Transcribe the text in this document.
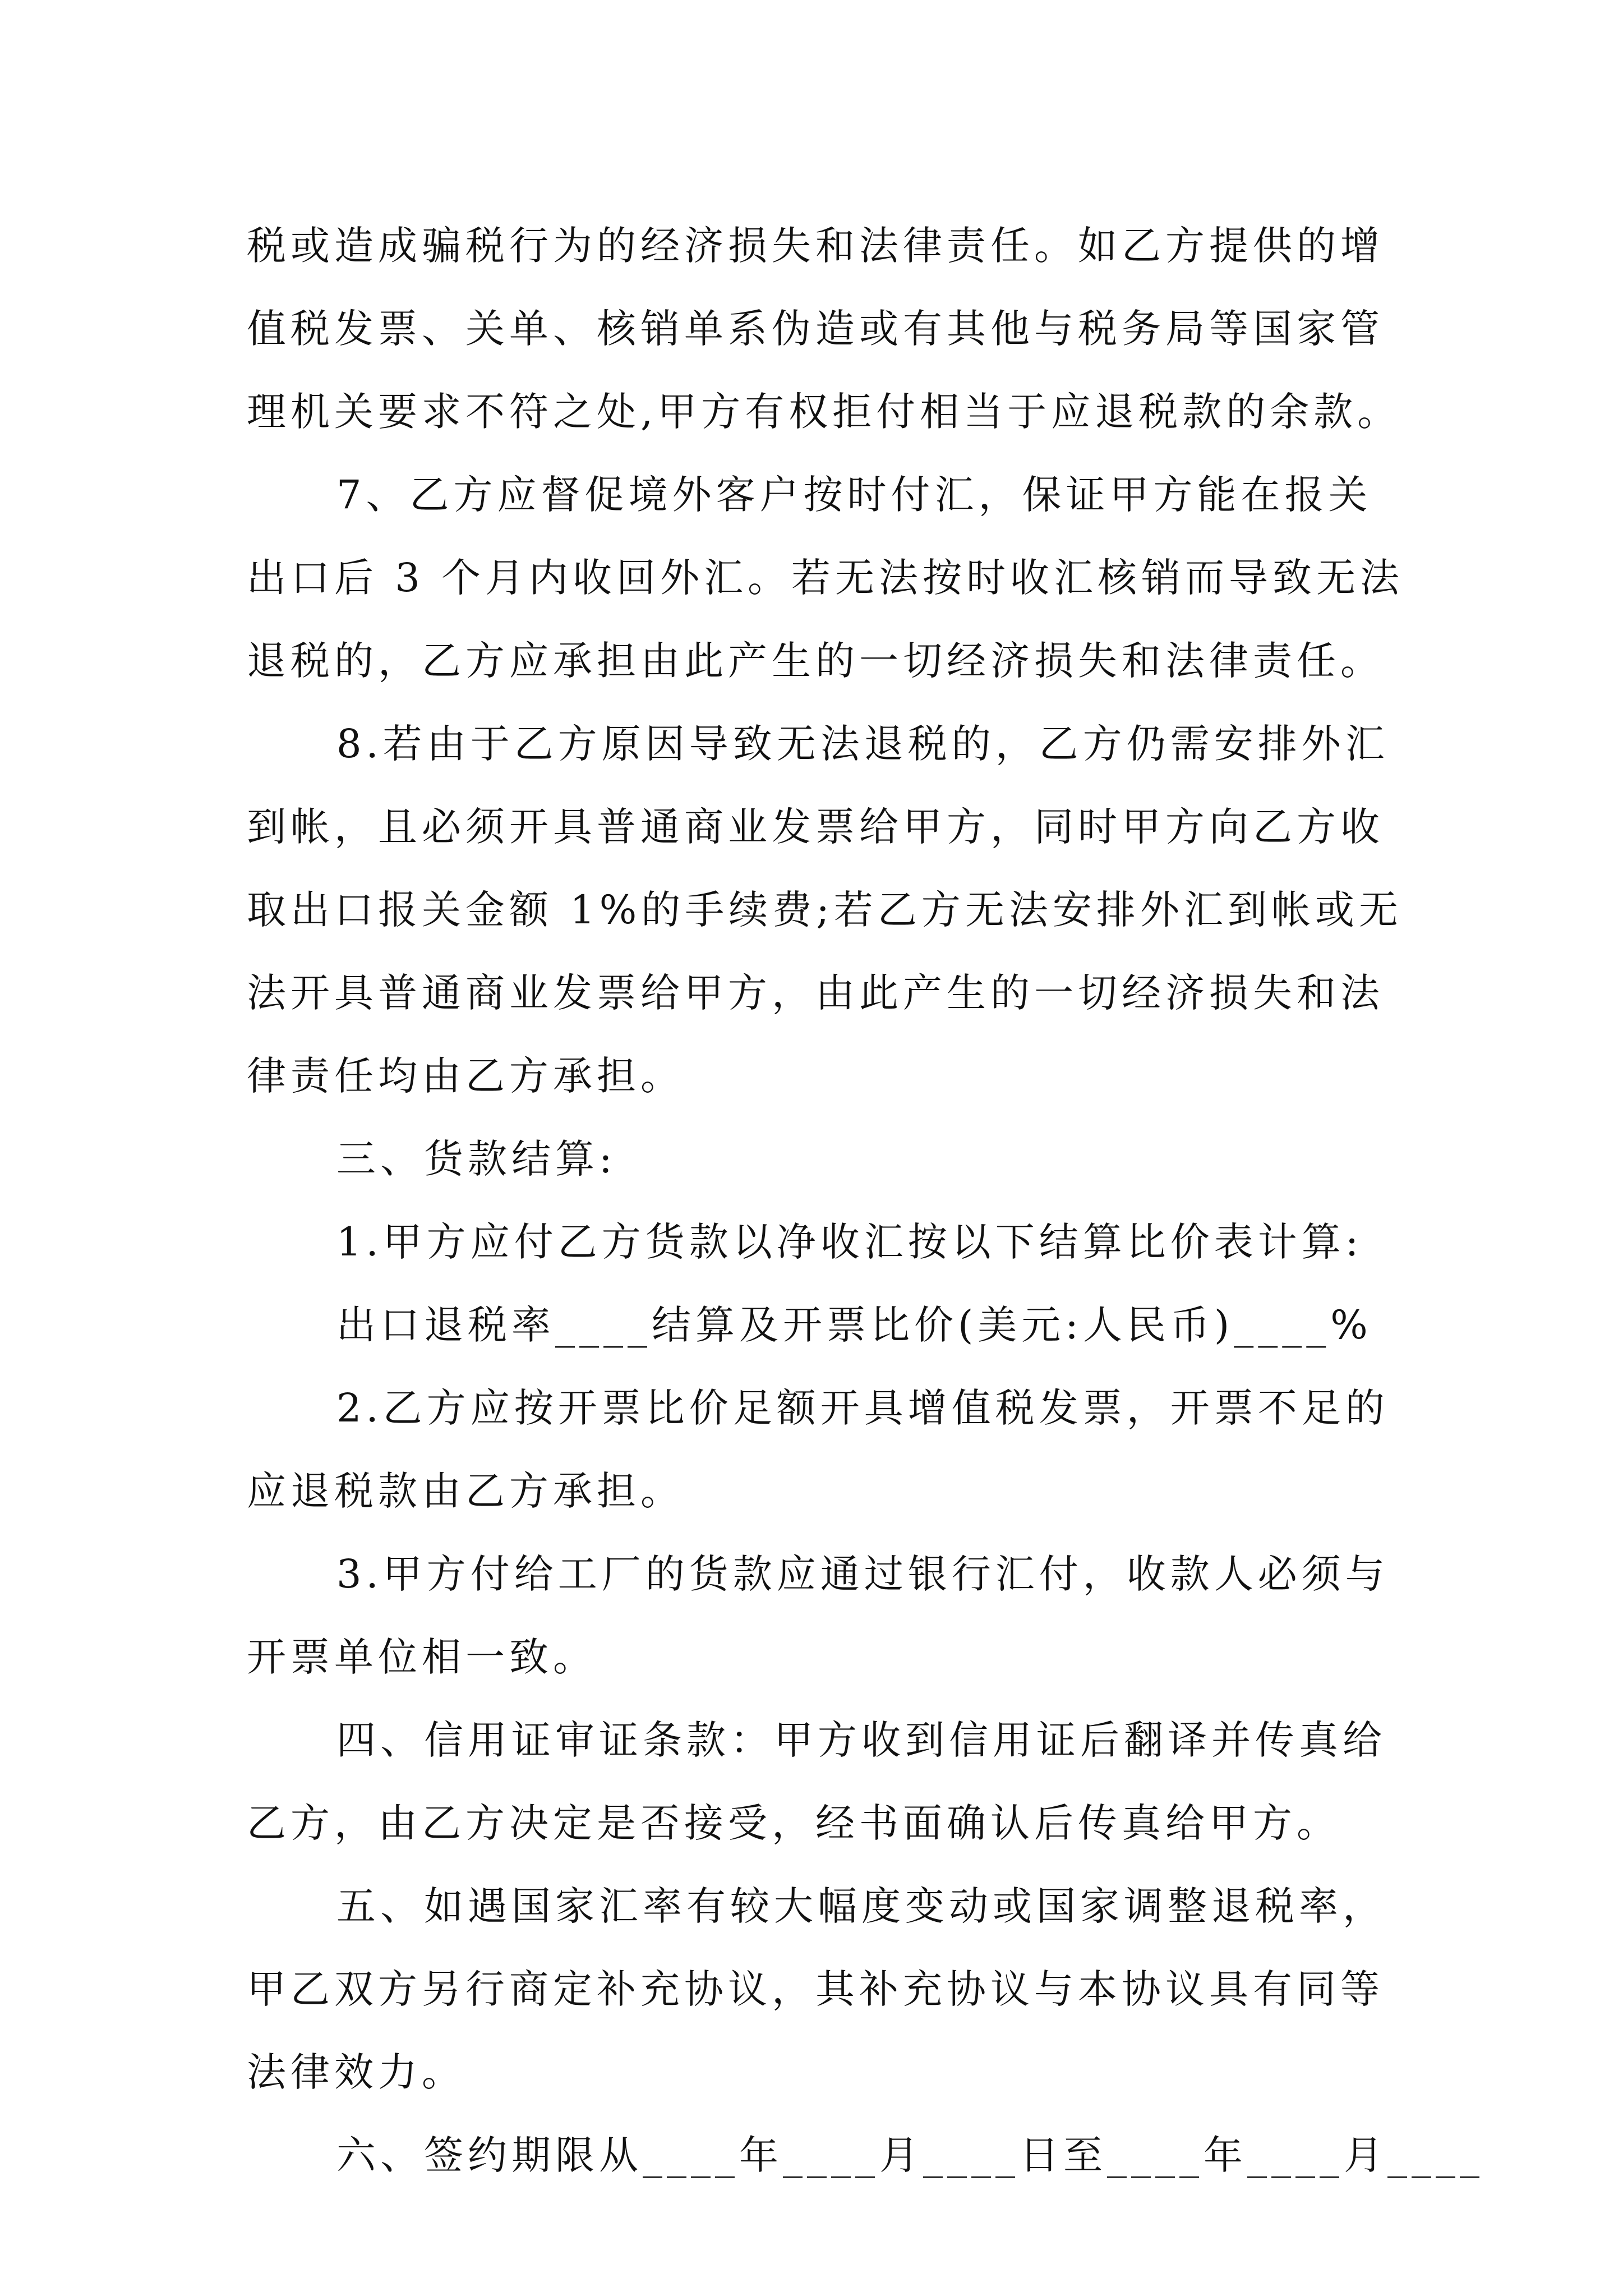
税或造成骗税行为的经济损失和法律责任。如乙方提供的增
值税发票、关单、核销单系伪造或有其他与税务局等国家管
理机关要求不符之处,甲方有权拒付相当于应退税款的余款。
7、乙方应督促境外客户按时付汇，保证甲方能在报关
出口后 3 个月内收回外汇。若无法按时收汇核销而导致无法
退税的，乙方应承担由此产生的一切经济损失和法律责任。
8.若由于乙方原因导致无法退税的，乙方仍需安排外汇
到帐，且必须开具普通商业发票给甲方，同时甲方向乙方收
取出口报关金额 1%的手续费;若乙方无法安排外汇到帐或无
法开具普通商业发票给甲方，由此产生的一切经济损失和法
律责任均由乙方承担。
三、货款结算:
1.甲方应付乙方货款以净收汇按以下结算比价表计算:
出口退税率____结算及开票比价(美元:人民币)____%
2.乙方应按开票比价足额开具增值税发票，开票不足的
应退税款由乙方承担。
3.甲方付给工厂的货款应通过银行汇付，收款人必须与
开票单位相一致。
四、信用证审证条款：甲方收到信用证后翻译并传真给
乙方，由乙方决定是否接受，经书面确认后传真给甲方。
五、如遇国家汇率有较大幅度变动或国家调整退税率，
甲乙双方另行商定补充协议，其补充协议与本协议具有同等
法律效力。
六、签约期限从____年____月____日至____年____月____
